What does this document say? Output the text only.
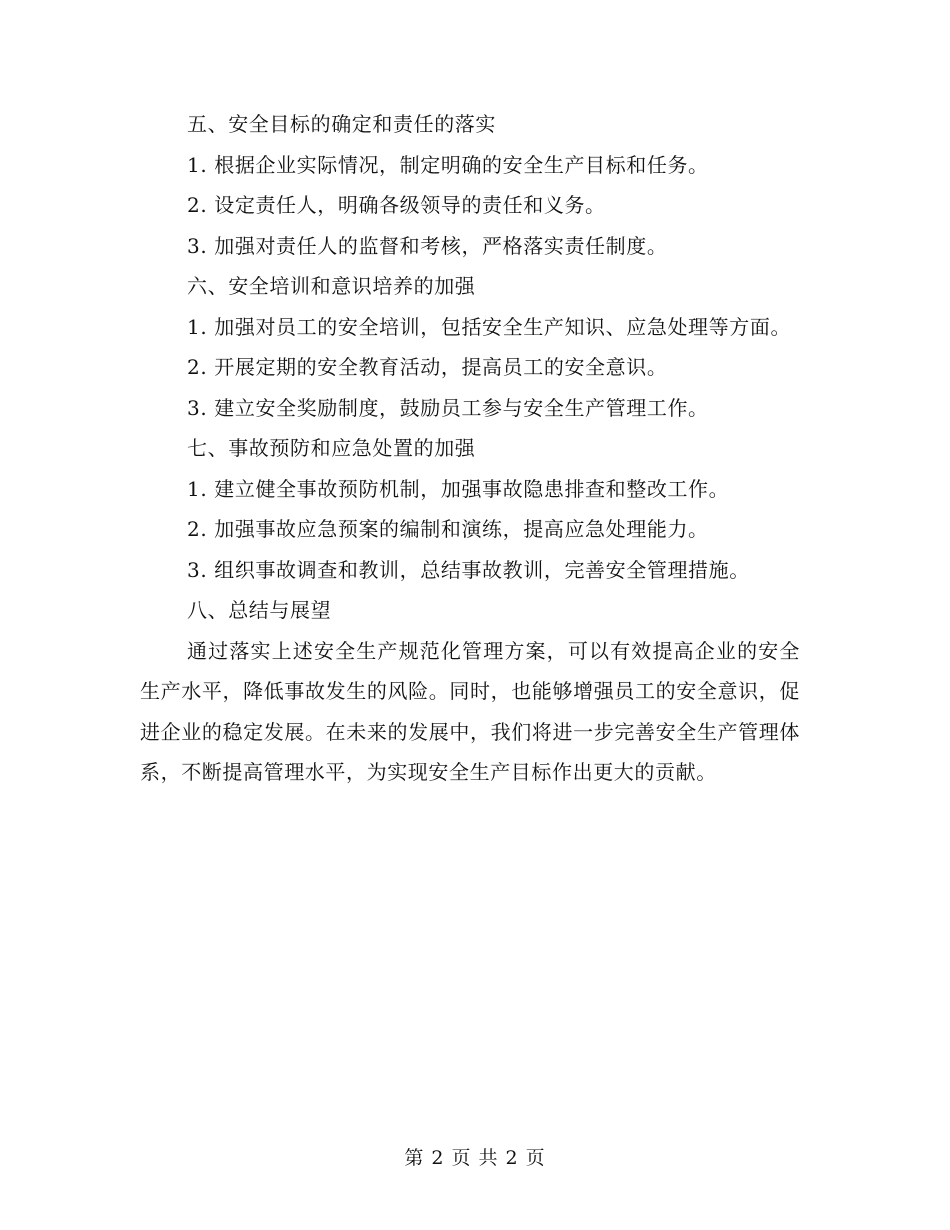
五、安全目标的确定和责任的落实

1. 根据企业实际情况，制定明确的安全生产目标和任务。

2. 设定责任人，明确各级领导的责任和义务。

3. 加强对责任人的监督和考核，严格落实责任制度。

六、安全培训和意识培养的加强

1. 加强对员工的安全培训，包括安全生产知识、应急处理等方面。

2. 开展定期的安全教育活动，提高员工的安全意识。

3. 建立安全奖励制度，鼓励员工参与安全生产管理工作。

七、事故预防和应急处置的加强

1. 建立健全事故预防机制，加强事故隐患排查和整改工作。

2. 加强事故应急预案的编制和演练，提高应急处理能力。

3. 组织事故调查和教训，总结事故教训，完善安全管理措施。

八、总结与展望

通过落实上述安全生产规范化管理方案，可以有效提高企业的安全生产水平，降低事故发生的风险。同时，也能够增强员工的安全意识，促进企业的稳定发展。在未来的发展中，我们将进一步完善安全生产管理体系，不断提高管理水平，为实现安全生产目标作出更大的贡献。

第 2 页 共 2 页
